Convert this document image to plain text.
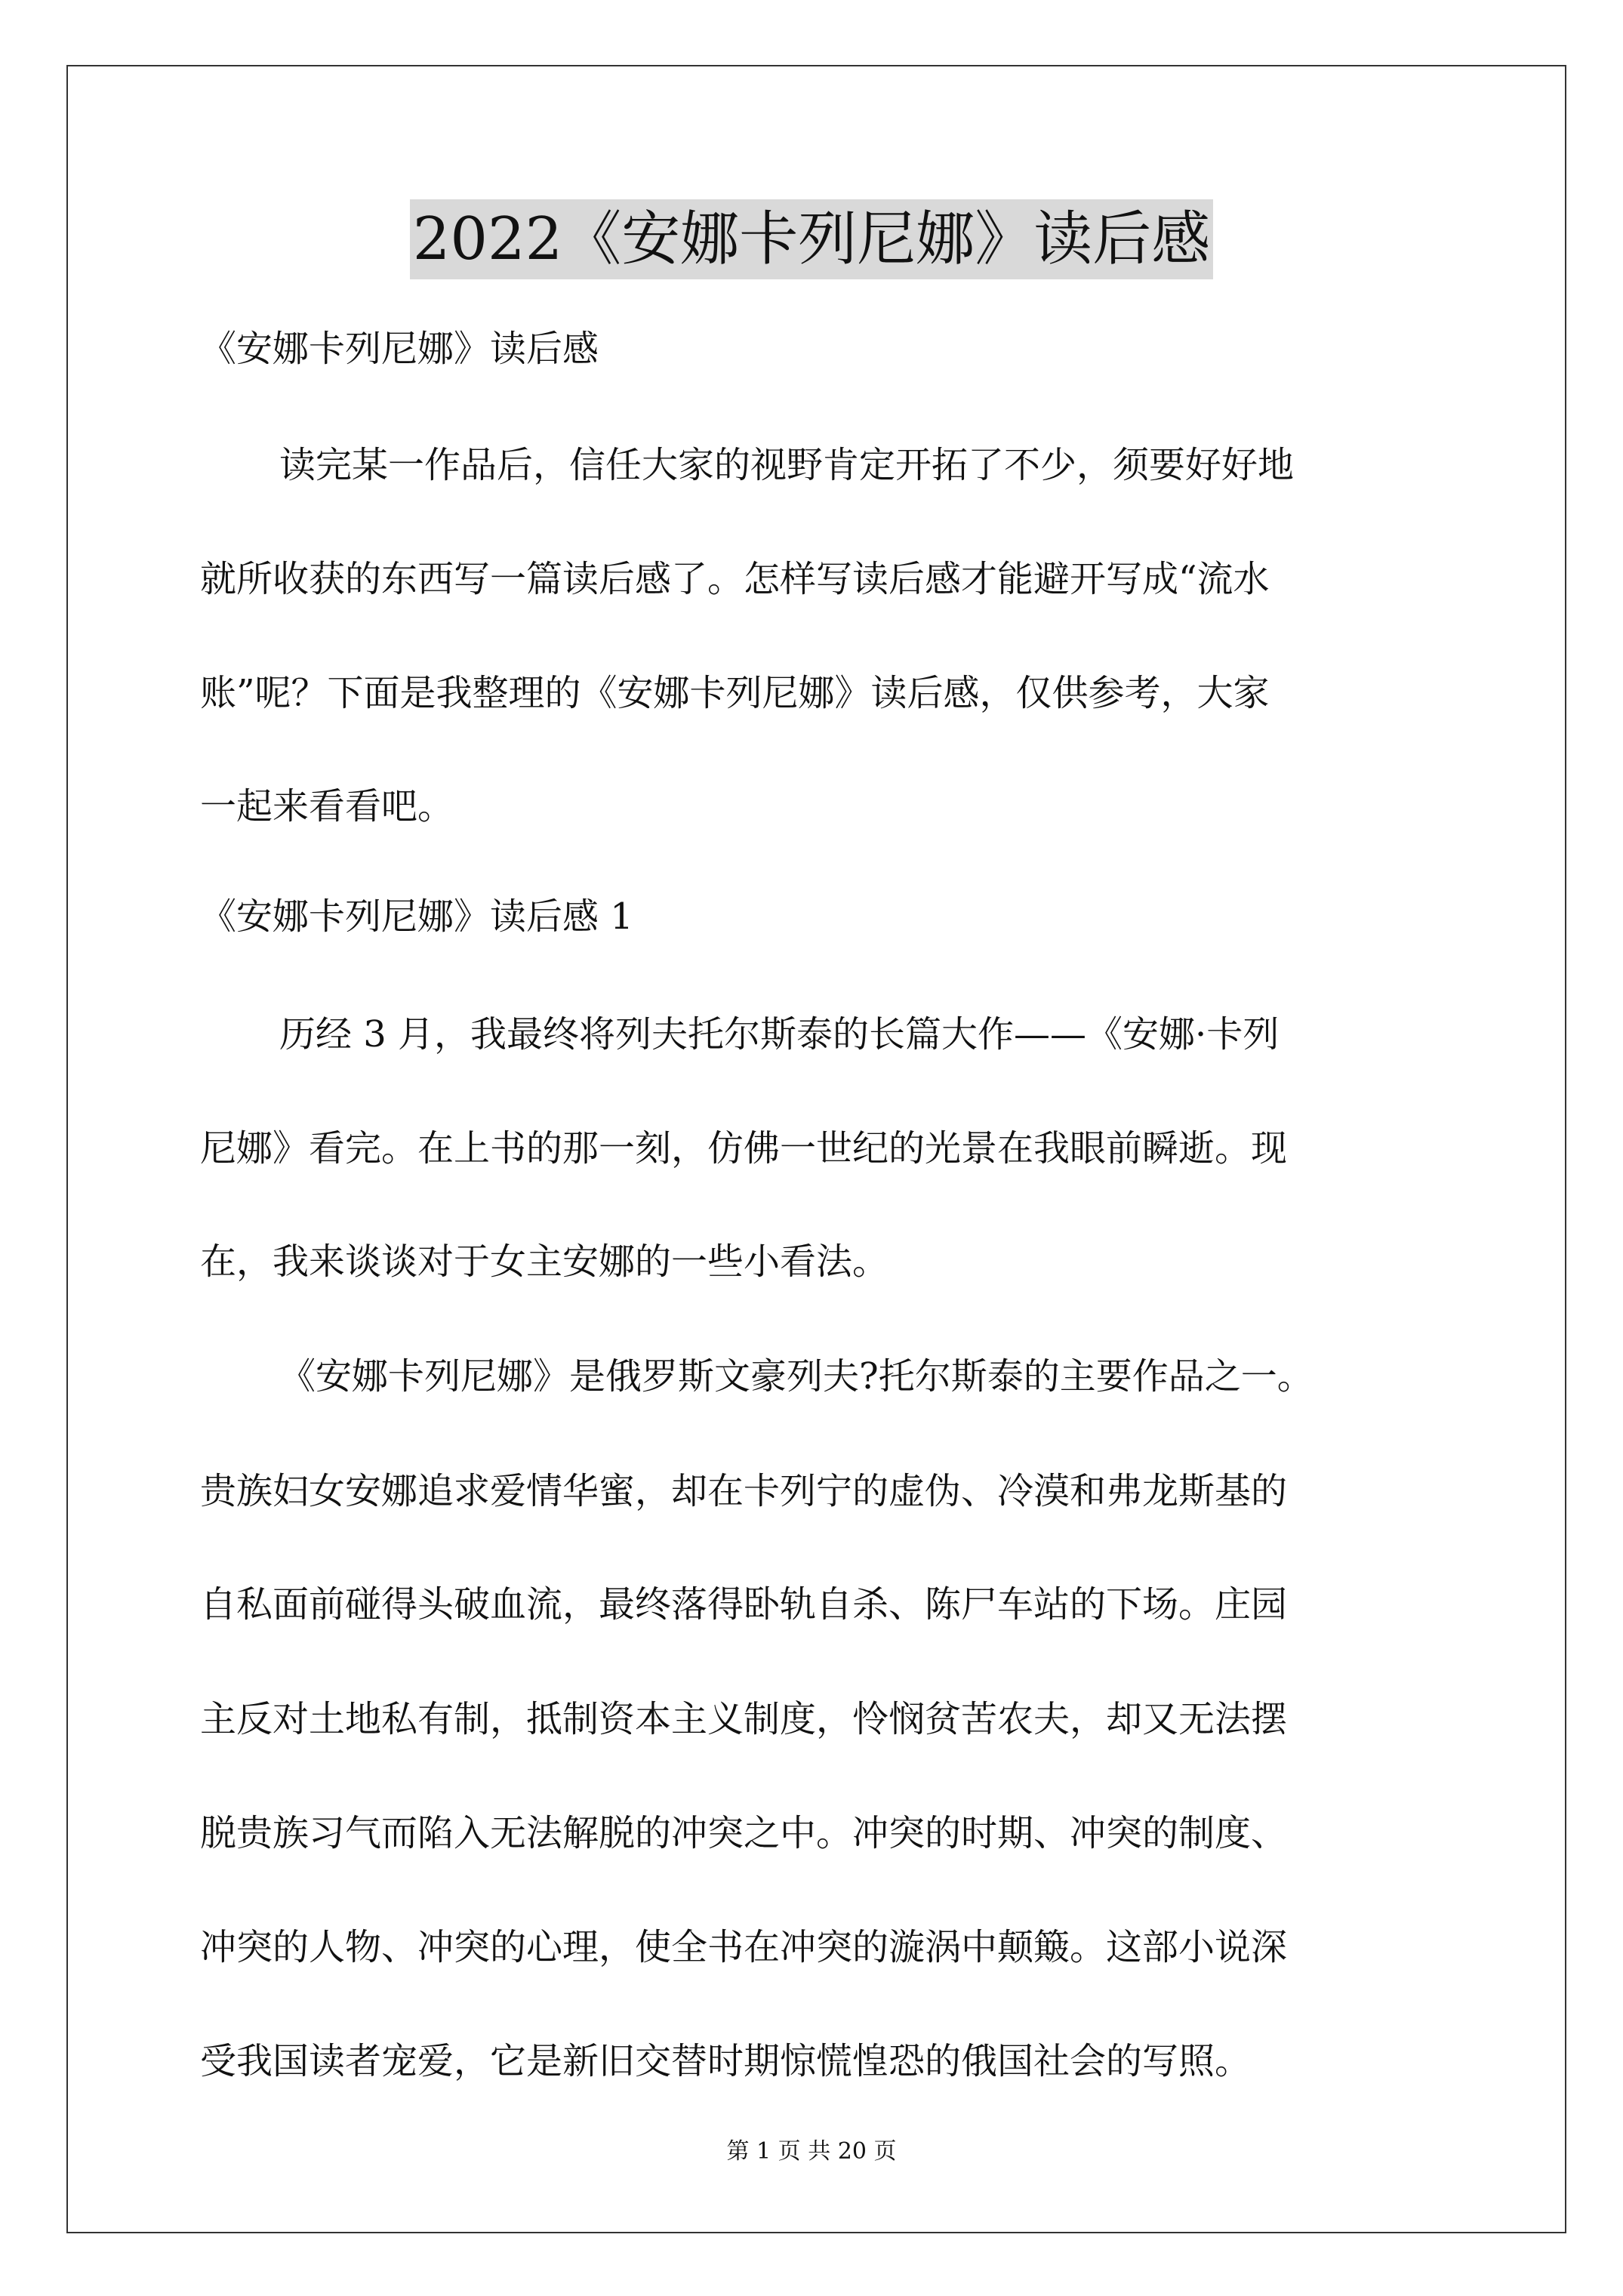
2022《安娜卡列尼娜》读后感
《安娜卡列尼娜》读后感
读完某一作品后，信任大家的视野肯定开拓了不少，须要好好地
就所收获的东西写一篇读后感了。怎样写读后感才能避开写成“流水
账”呢？下面是我整理的《安娜卡列尼娜》读后感，仅供参考，大家
一起来看看吧。
《安娜卡列尼娜》读后感 1
历经 3 月，我最终将列夫托尔斯泰的长篇大作——《安娜·卡列
尼娜》看完。在上书的那一刻，仿佛一世纪的光景在我眼前瞬逝。现
在，我来谈谈对于女主安娜的一些小看法。
《安娜卡列尼娜》是俄罗斯文豪列夫?托尔斯泰的主要作品之一。
贵族妇女安娜追求爱情华蜜，却在卡列宁的虚伪、冷漠和弗龙斯基的
自私面前碰得头破血流，最终落得卧轨自杀、陈尸车站的下场。庄园
主反对土地私有制，抵制资本主义制度，怜悯贫苦农夫，却又无法摆
脱贵族习气而陷入无法解脱的冲突之中。冲突的时期、冲突的制度、
第 1 页 共 20 页
冲突的人物、冲突的心理，使全书在冲突的漩涡中颠簸。这部小说深
受我国读者宠爱，它是新旧交替时期惊慌惶恐的俄国社会的写照。
